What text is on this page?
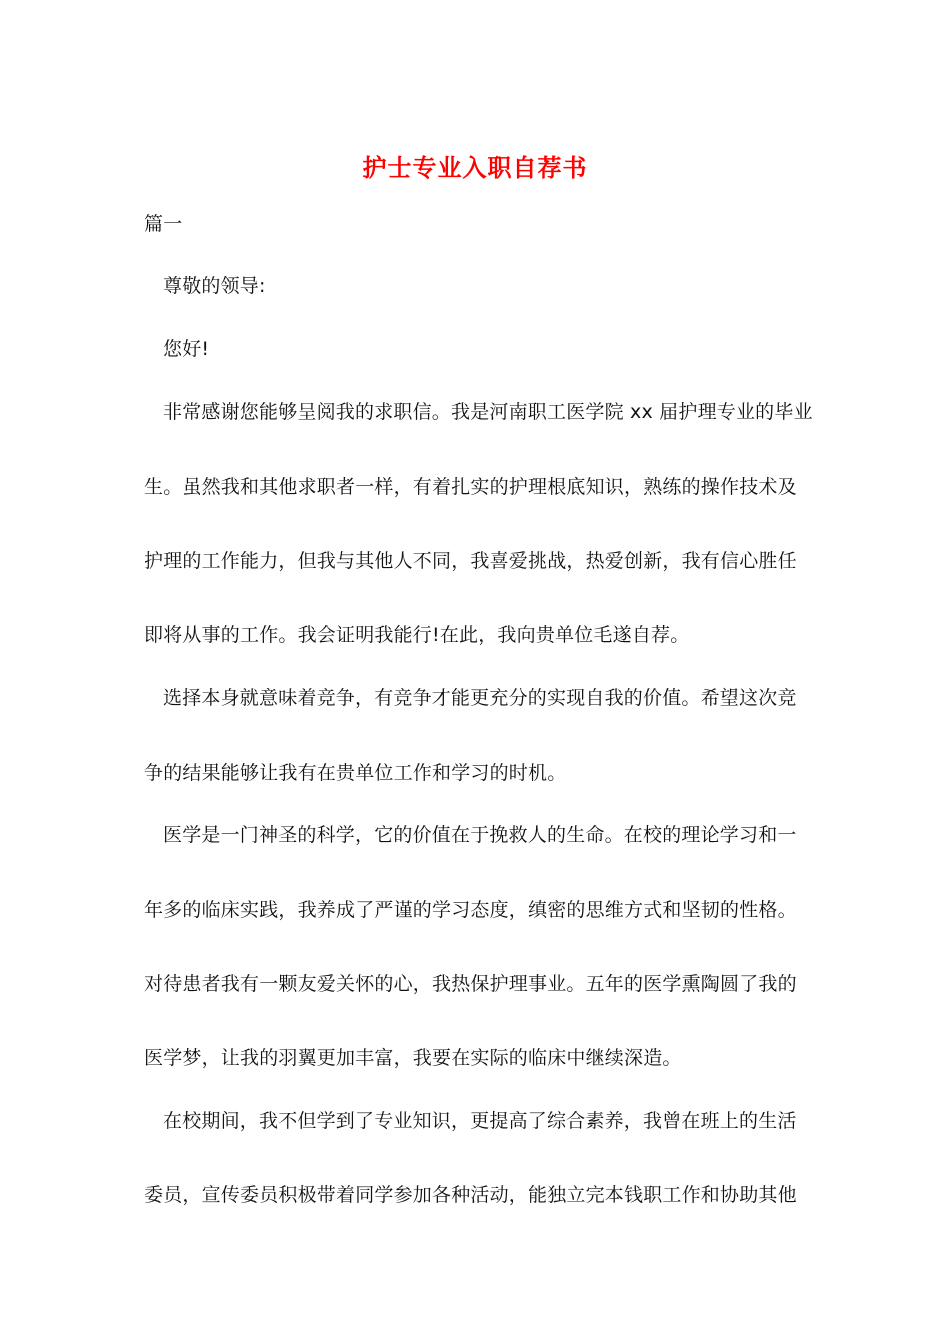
护士专业入职自荐书
篇一
尊敬的领导:
您好!
非常感谢您能够呈阅我的求职信。我是河南职工医学院 xx 届护理专业的毕业
生。虽然我和其他求职者一样，有着扎实的护理根底知识，熟练的操作技术及
护理的工作能力，但我与其他人不同，我喜爱挑战，热爱创新，我有信心胜任
即将从事的工作。我会证明我能行!在此，我向贵单位毛遂自荐。
选择本身就意味着竞争，有竞争才能更充分的实现自我的价值。希望这次竞
争的结果能够让我有在贵单位工作和学习的时机。
医学是一门神圣的科学，它的价值在于挽救人的生命。在校的理论学习和一
年多的临床实践，我养成了严谨的学习态度，缜密的思维方式和坚韧的性格。
对待患者我有一颗友爱关怀的心，我热保护理事业。五年的医学熏陶圆了我的
医学梦，让我的羽翼更加丰富，我要在实际的临床中继续深造。
在校期间，我不但学到了专业知识，更提高了综合素养，我曾在班上的生活
委员，宣传委员积极带着同学参加各种活动，能独立完本钱职工作和协助其他
